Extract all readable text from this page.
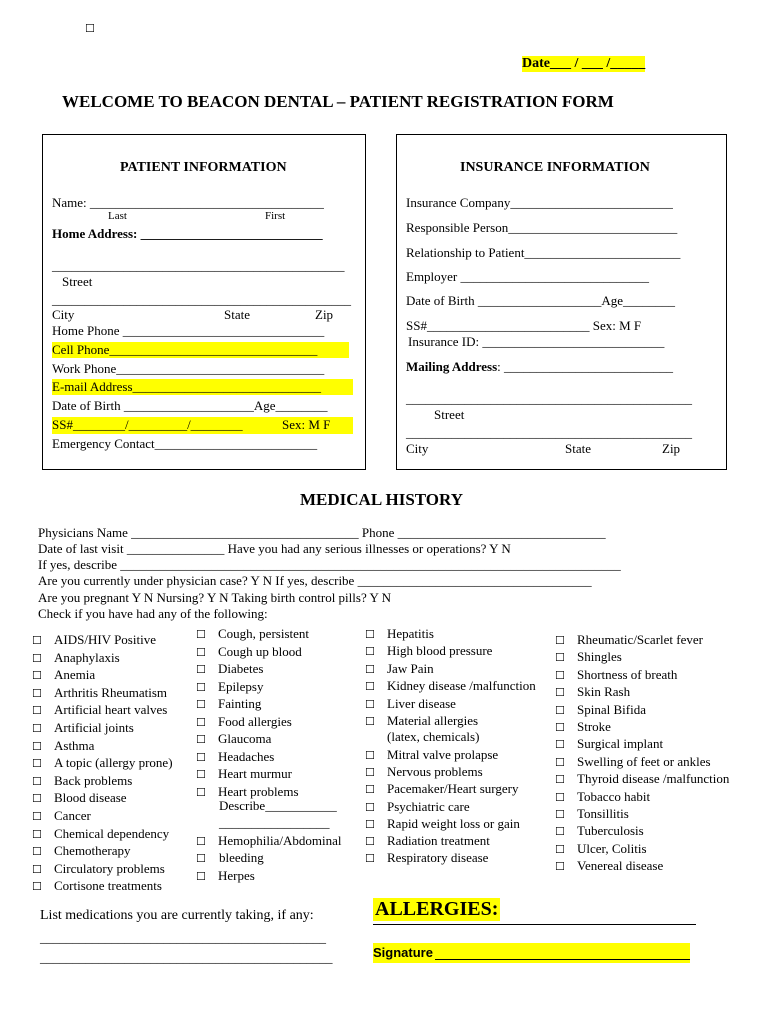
☐
Date___ / ___ /_____
WELCOME TO BEACON DENTAL – PATIENT REGISTRATION FORM
PATIENT INFORMATION
Name: ____________________________________
Last	First
Home Address: ____________________________
_____________________________________________
Street
______________________________________________
City	State	Zip
Home Phone _______________________________
Cell Phone________________________________
Work Phone________________________________
E-mail Address_____________________________
Date of Birth ____________________Age________
SS#________/_________/________	Sex: M F
Emergency Contact_________________________
INSURANCE INFORMATION
Insurance Company_________________________
Responsible Person__________________________
Relationship to Patient________________________
Employer _____________________________
Date of Birth ___________________Age________
SS#_________________________ Sex: M F
Insurance ID: ____________________________
Mailing Address: __________________________
____________________________________________
Street
____________________________________________
City	State	Zip
MEDICAL HISTORY
Physicians Name ___________________________________ Phone ________________________________
Date of last visit _______________ Have you had any serious illnesses or operations? Y N
If yes, describe _____________________________________________________________________________
Are you currently under physician case? Y N If yes, describe ____________________________________
Are you pregnant Y N Nursing? Y N Taking birth control pills? Y N
Check if you have had any of the following:
☐ AIDS/HIV Positive
☐ Anaphylaxis
☐ Anemia
☐ Arthritis Rheumatism
☐ Artificial heart valves
☐ Artificial joints
☐ Asthma
☐ A topic (allergy prone)
☐ Back problems
☐ Blood disease
☐ Cancer
☐ Chemical dependency
☐ Chemotherapy
☐ Circulatory problems
☐ Cortisone treatments
☐ Cough, persistent
☐ Cough up blood
☐ Diabetes
☐ Epilepsy
☐ Fainting
☐ Food allergies
☐ Glaucoma
☐ Headaches
☐ Heart murmur
☐ Heart problems
☐ Hemophilia/Abdominal
☐
☐ Hepatitis
☐ High blood pressure
☐ Jaw Pain
☐ Kidney disease /malfunction
☐ Liver disease
☐ Material allergies
☐ Mitral valve prolapse
☐ Nervous problems
☐ Pacemaker/Heart surgery
☐ Psychiatric care
☐ Rapid weight loss or gain
☐ Radiation treatment
☐ Respiratory disease
☐ Rheumatic/Scarlet fever
☐ Shingles
☐ Shortness of breath
☐ Skin Rash
☐ Spinal Bifida
☐ Stroke
☐ Surgical implant
☐ Swelling of feet or ankles
☐ Thyroid disease /malfunction
☐ Tobacco habit
☐ Tonsillitis
☐ Tuberculosis
☐ Ulcer, Colitis
☐ Venereal disease
Describe___________
_________________
bleeding
☐ Herpes
(latex, chemicals)
List medications you are currently taking, if any:
____________________________________________
_____________________________________________
ALLERGIES:
Signature
